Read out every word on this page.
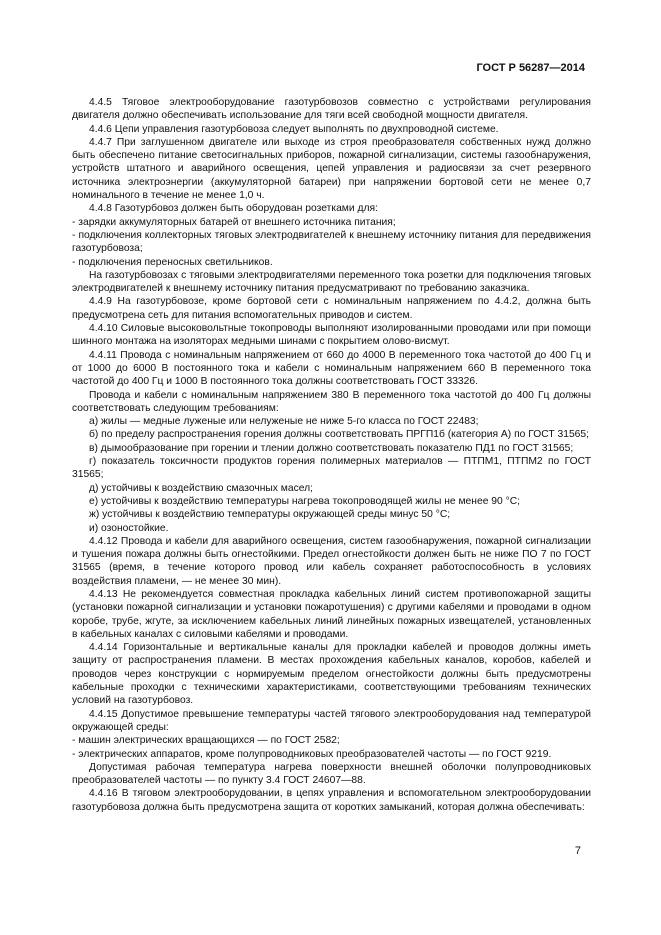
ГОСТ Р 56287—2014

4.4.5 Тяговое электрооборудование газотурбовозов совместно с устройствами регулирования двигателя должно обеспечивать использование для тяги всей свободной мощности двигателя.

4.4.6 Цепи управления газотурбовоза следует выполнять по двухпроводной системе.

4.4.7 При заглушенном двигателе или выходе из строя преобразователя собственных нужд должно быть обеспечено питание светосигнальных приборов, пожарной сигнализации, системы газообнаружения, устройств штатного и аварийного освещения, цепей управления и радиосвязи за счет резервного источника электроэнергии (аккумуляторной батареи) при напряжении бортовой сети не менее 0,7 номинального в течение не менее 1,0 ч.

4.4.8 Газотурбовоз должен быть оборудован розетками для:

- зарядки аккумуляторных батарей от внешнего источника питания;

- подключения коллекторных тяговых электродвигателей к внешнему источнику питания для передвижения газотурбовоза;

- подключения переносных светильников.

На газотурбовозах с тяговыми электродвигателями переменного тока розетки для подключения тяговых электродвигателей к внешнему источнику питания предусматривают по требованию заказчика.

4.4.9 На газотурбовозе, кроме бортовой сети с номинальным напряжением по 4.4.2, должна быть предусмотрена сеть для питания вспомогательных приводов и систем.

4.4.10 Силовые высоковольтные токопроводы выполняют изолированными проводами или при помощи шинного монтажа на изоляторах медными шинами с покрытием олово-висмут.

4.4.11 Провода с номинальным напряжением от 660 до 4000 В переменного тока частотой до 400 Гц и от 1000 до 6000 В постоянного тока и кабели с номинальным напряжением 660 В переменного тока частотой до 400 Гц и 1000 В постоянного тока должны соответствовать ГОСТ 33326.

Провода и кабели с номинальным напряжением 380 В переменного тока частотой до 400 Гц должны соответствовать следующим требованиям:

а) жилы — медные луженые или нелуженые не ниже 5-го класса по ГОСТ 22483;

б) по пределу распространения горения должны соответствовать ПРГП1б (категория А) по ГОСТ 31565;

в) дымообразование при горении и тлении должно соответствовать показателю ПД1 по ГОСТ 31565;

г) показатель токсичности продуктов горения полимерных материалов — ПТПМ1, ПТПМ2 по ГОСТ 31565;

д) устойчивы к воздействию смазочных масел;

е) устойчивы к воздействию температуры нагрева токопроводящей жилы не менее 90 °С;

ж) устойчивы к воздействию температуры окружающей среды минус 50 °С;

и) озоностойкие.

4.4.12 Провода и кабели для аварийного освещения, систем газообнаружения, пожарной сигнализации и тушения пожара должны быть огнестойкими. Предел огнестойкости должен быть не ниже ПО 7 по ГОСТ 31565 (время, в течение которого провод или кабель сохраняет работоспособность в условиях воздействия пламени, — не менее 30 мин).

4.4.13 Не рекомендуется совместная прокладка кабельных линий систем противопожарной защиты (установки пожарной сигнализации и установки пожаротушения) с другими кабелями и проводами в одном коробе, трубе, жгуте, за исключением кабельных линий линейных пожарных извещателей, установленных в кабельных каналах с силовыми кабелями и проводами.

4.4.14 Горизонтальные и вертикальные каналы для прокладки кабелей и проводов должны иметь защиту от распространения пламени. В местах прохождения кабельных каналов, коробов, кабелей и проводов через конструкции с нормируемым пределом огнестойкости должны быть предусмотрены кабельные проходки с техническими характеристиками, соответствующими требованиям технических условий на газотурбовоз.

4.4.15 Допустимое превышение температуры частей тягового электрооборудования над температурой окружающей среды:

- машин электрических вращающихся — по ГОСТ 2582;

- электрических аппаратов, кроме полупроводниковых преобразователей частоты — по ГОСТ 9219.

Допустимая рабочая температура нагрева поверхности внешней оболочки полупроводниковых преобразователей частоты — по пункту 3.4 ГОСТ 24607—88.

4.4.16 В тяговом электрооборудовании, в цепях управления и вспомогательном электрооборудовании газотурбовоза должна быть предусмотрена защита от коротких замыканий, которая должна обеспечивать:

7
